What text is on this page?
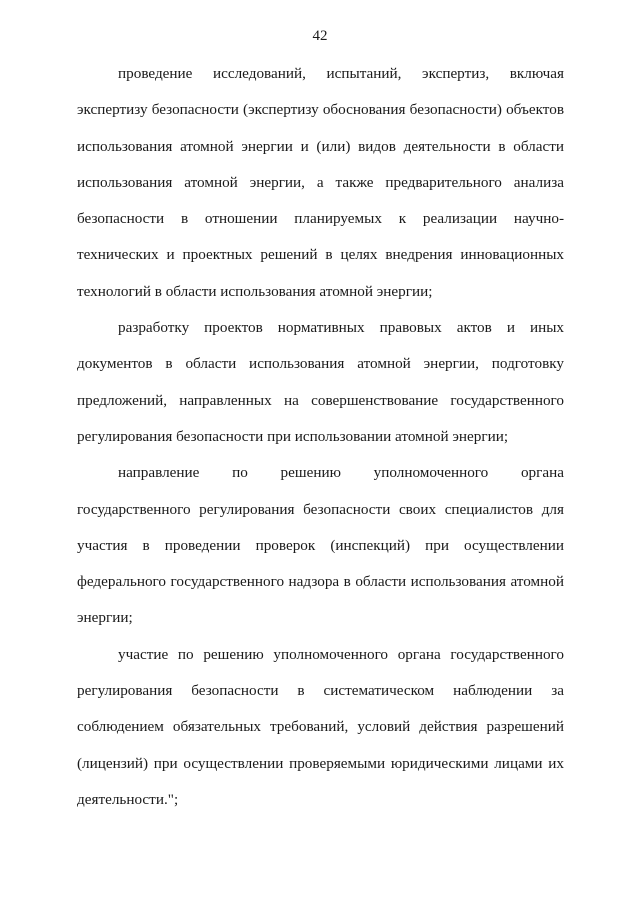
42

проведение исследований, испытаний, экспертиз, включая экспертизу безопасности (экспертизу обоснования безопасности) объектов использования атомной энергии и (или) видов деятельности в области использования атомной энергии, а также предварительного анализа безопасности в отношении планируемых к реализации научно-технических и проектных решений в целях внедрения инновационных технологий в области использования атомной энергии;

разработку проектов нормативных правовых актов и иных документов в области использования атомной энергии, подготовку предложений, направленных на совершенствование государственного регулирования безопасности при использовании атомной энергии;

направление по решению уполномоченного органа государственного регулирования безопасности своих специалистов для участия в проведении проверок (инспекций) при осуществлении федерального государственного надзора в области использования атомной энергии;

участие по решению уполномоченного органа государственного регулирования безопасности в систематическом наблюдении за соблюдением обязательных требований, условий действия разрешений (лицензий) при осуществлении проверяемыми юридическими лицами их деятельности.";
